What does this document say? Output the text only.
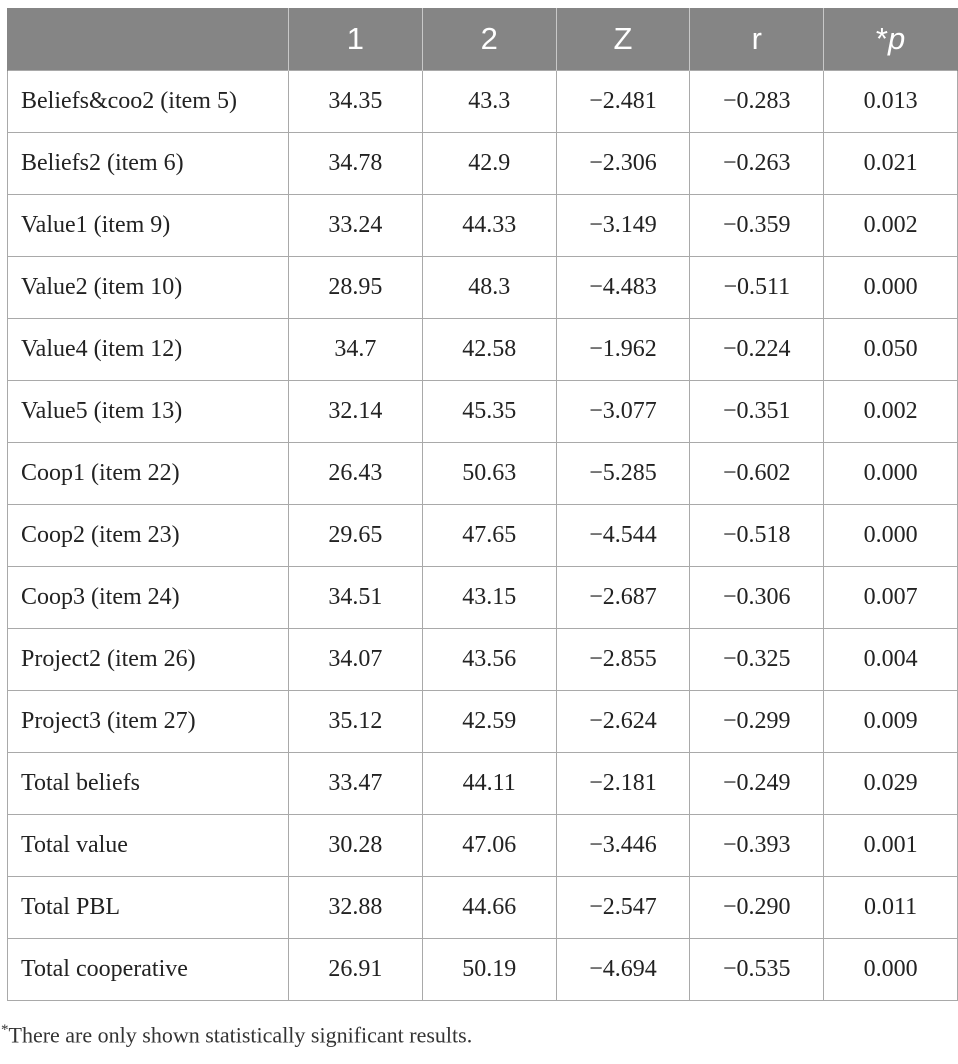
	1	2	Z	r	*p
Beliefs&coo2 (item 5)	34.35	43.3	−2.481	−0.283	0.013
Beliefs2 (item 6)	34.78	42.9	−2.306	−0.263	0.021
Value1 (item 9)	33.24	44.33	−3.149	−0.359	0.002
Value2 (item 10)	28.95	48.3	−4.483	−0.511	0.000
Value4 (item 12)	34.7	42.58	−1.962	−0.224	0.050
Value5 (item 13)	32.14	45.35	−3.077	−0.351	0.002
Coop1 (item 22)	26.43	50.63	−5.285	−0.602	0.000
Coop2 (item 23)	29.65	47.65	−4.544	−0.518	0.000
Coop3 (item 24)	34.51	43.15	−2.687	−0.306	0.007
Project2 (item 26)	34.07	43.56	−2.855	−0.325	0.004
Project3 (item 27)	35.12	42.59	−2.624	−0.299	0.009
Total beliefs	33.47	44.11	−2.181	−0.249	0.029
Total value	30.28	47.06	−3.446	−0.393	0.001
Total PBL	32.88	44.66	−2.547	−0.290	0.011
Total cooperative	26.91	50.19	−4.694	−0.535	0.000
*There are only shown statistically significant results.
